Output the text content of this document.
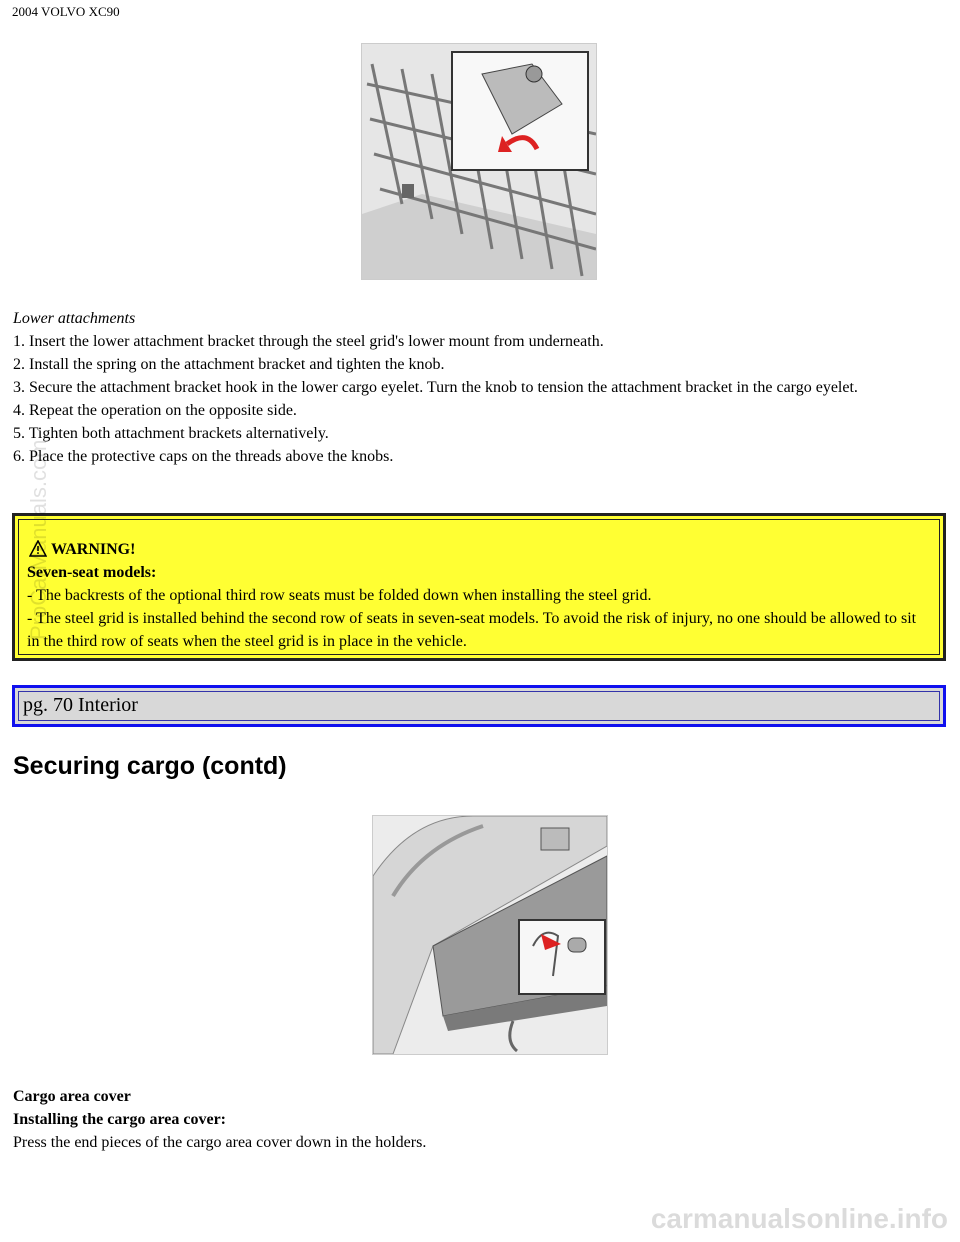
2004 VOLVO XC90

Lower attachments

1. Insert the lower attachment bracket through the steel grid's lower mount from underneath.

2. Install the spring on the attachment bracket and tighten the knob.

3. Secure the attachment bracket hook in the lower cargo eyelet. Turn the knob to tension the attachment bracket in the cargo eyelet.

4. Repeat the operation on the opposite side.

5. Tighten both attachment brackets alternatively.

6. Place the protective caps on the threads above the knobs.

WARNING!

Seven-seat models:

- The backrests of the optional third row seats must be folded down when installing the steel grid.

- The steel grid is installed behind the second row of seats in seven-seat models. To avoid the risk of injury, no one should be allowed to sit in the third row of seats when the steel grid is in place in the vehicle.

pg. 70 Interior
Securing cargo (contd)

Cargo area cover

Installing the cargo area cover:

Press the end pieces of the cargo area cover down in the holders.

ProCarManuals.com
carmanualsonline.info
